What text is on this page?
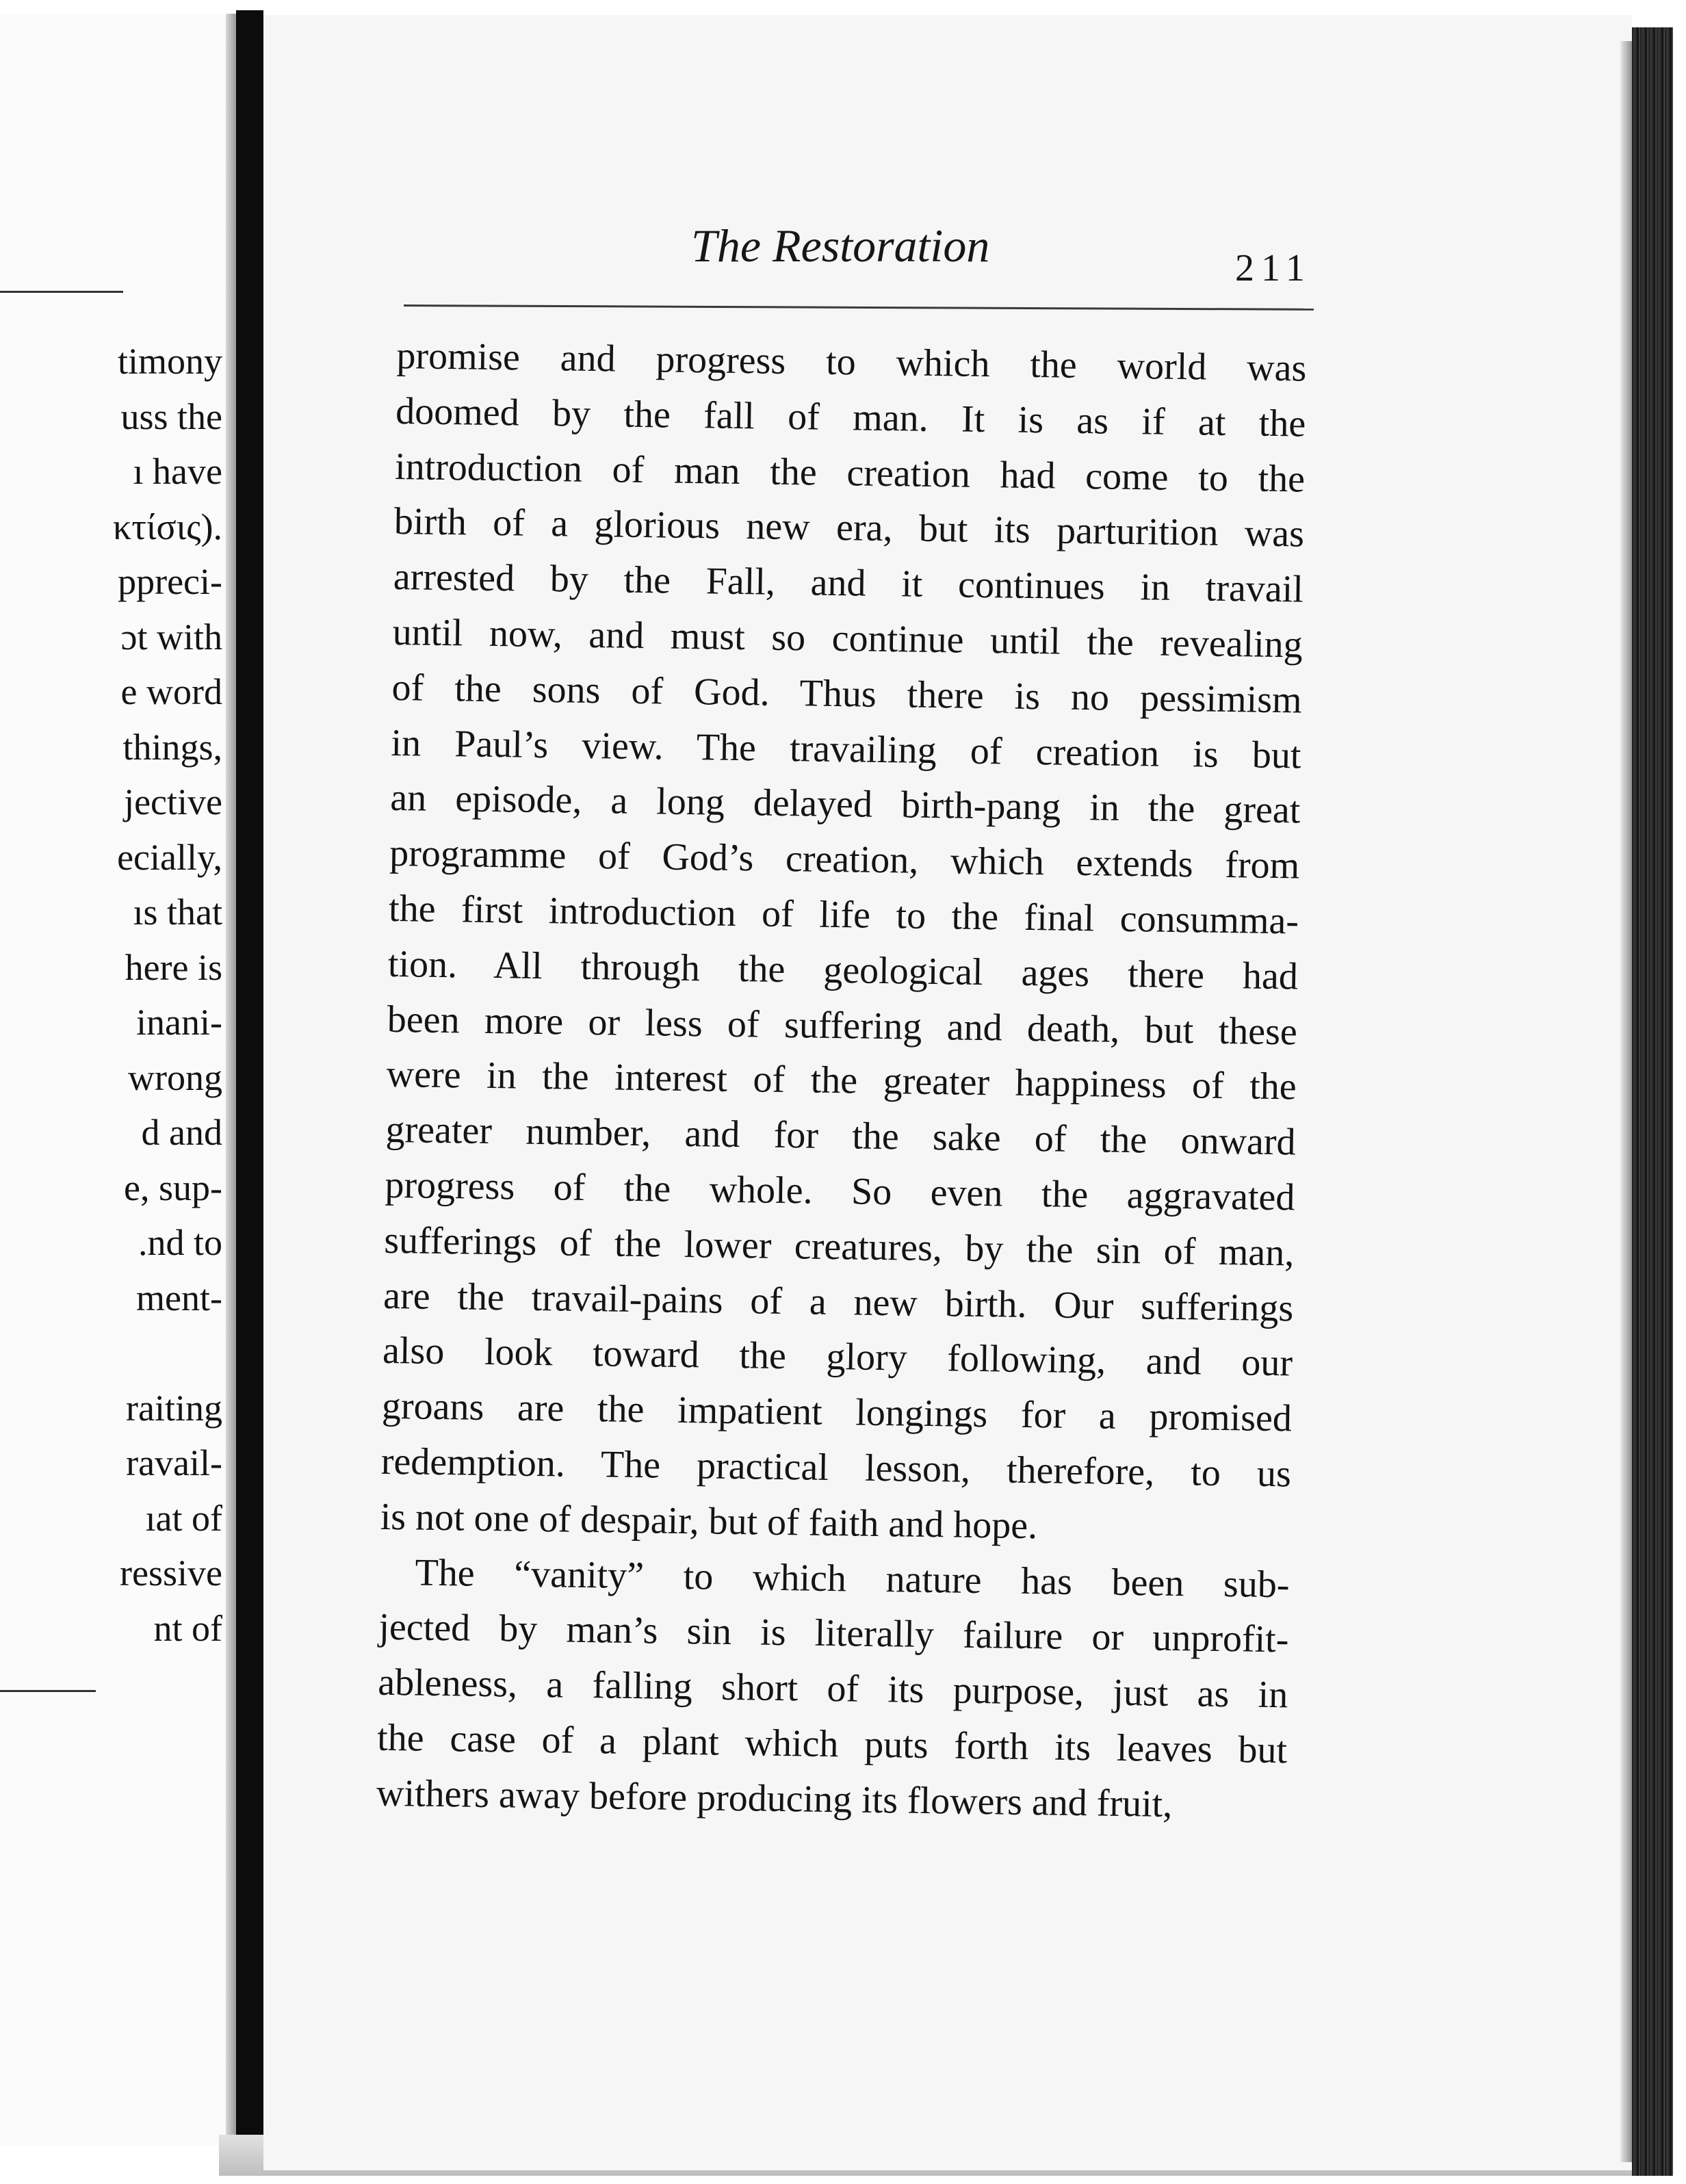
timony
uss the
ı have
κτίσις).
ppreci-
ɔt with
e word
things,
jective
ecially,
ıs that
here is
inani-
wrong
d and
e, sup-
.nd to
ment-
raiting
ravail-
ıat of
ressive
nt of
The Restoration	211
promise and progress to which the world was
doomed by the fall of man. It is as if at the
introduction of man the creation had come to the
birth of a glorious new era, but its parturition was
arrested by the Fall, and it continues in travail
until now, and must so continue until the revealing
of the sons of God. Thus there is no pessimism
in Paul’s view. The travailing of creation is but
an episode, a long delayed birth-pang in the great
programme of God’s creation, which extends from
the first introduction of life to the final consumma-
tion. All through the geological ages there had
been more or less of suffering and death, but these
were in the interest of the greater happiness of the
greater number, and for the sake of the onward
progress of the whole. So even the aggravated
sufferings of the lower creatures, by the sin of man,
are the travail-pains of a new birth. Our sufferings
also look toward the glory following, and our
groans are the impatient longings for a promised
redemption. The practical lesson, therefore, to us
is not one of despair, but of faith and hope.
The “vanity” to which nature has been sub-
jected by man’s sin is literally failure or unprofit-
ableness, a falling short of its purpose, just as in
the case of a plant which puts forth its leaves but
withers away before producing its flowers and fruit,
